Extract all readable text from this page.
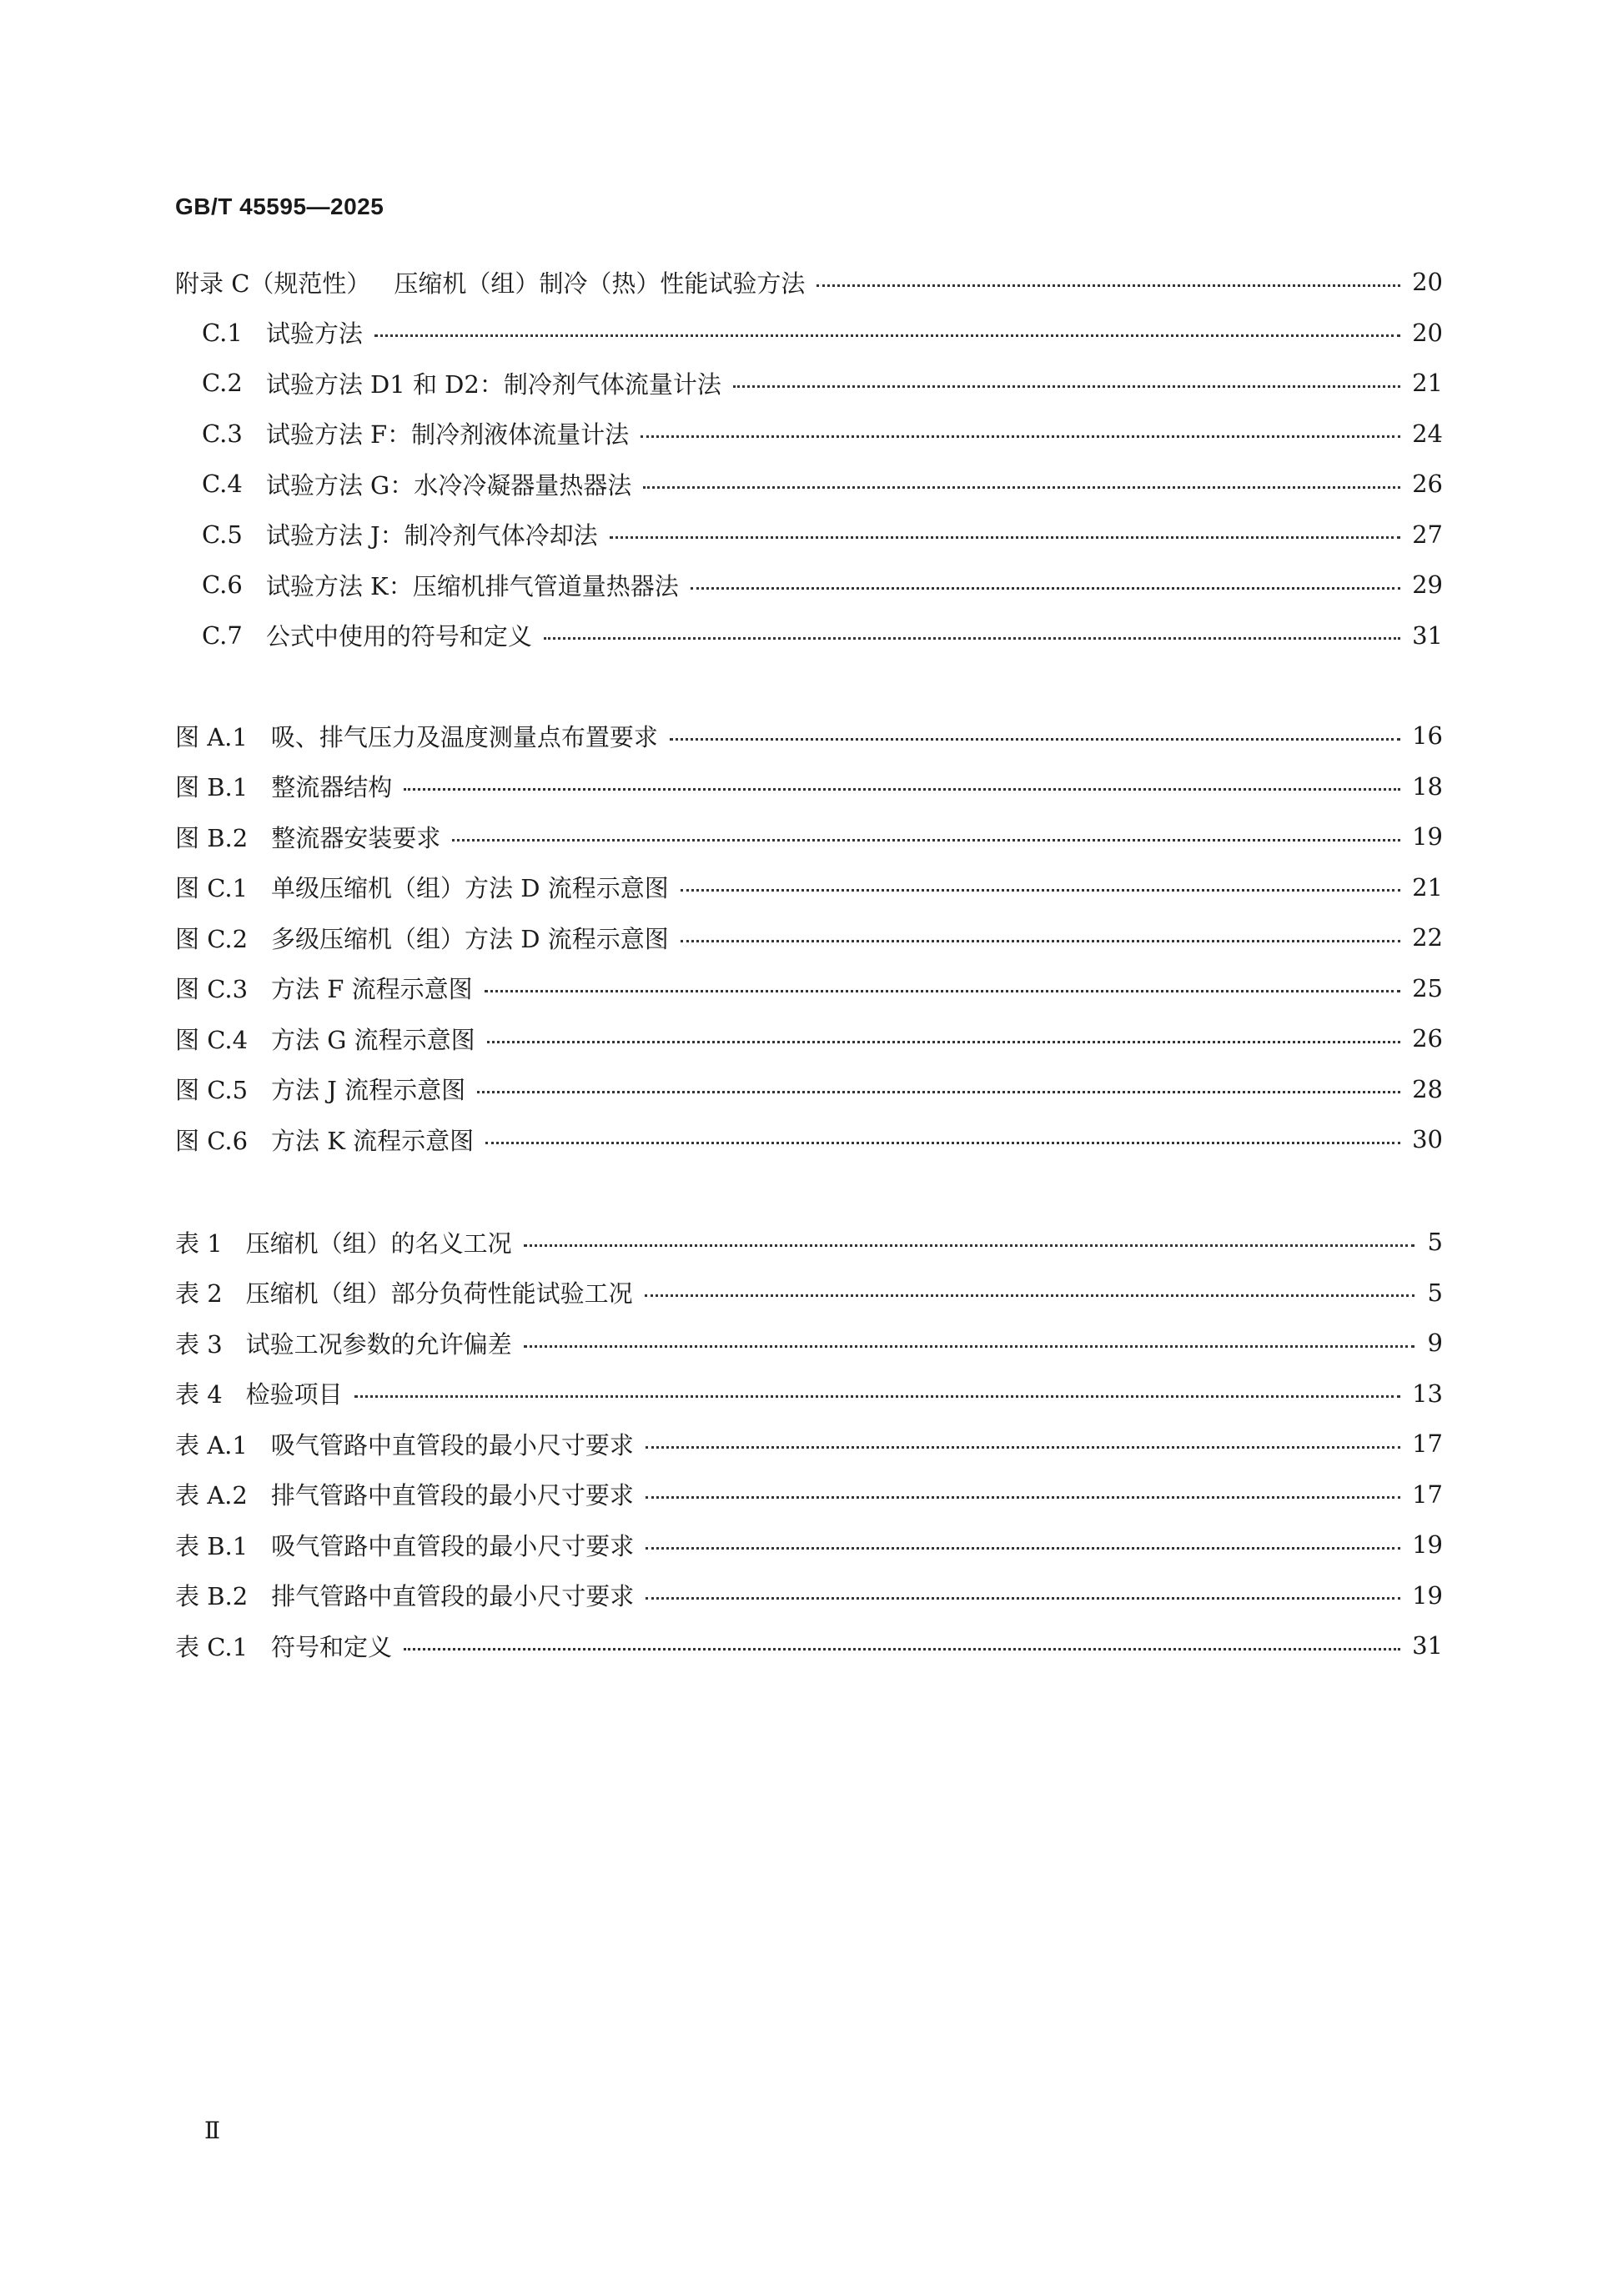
GB/T 45595—2025
附录 C（规范性） 压缩机（组）制冷（热）性能试验方法	20
C.1 试验方法	20
C.2 试验方法 D1 和 D2：制冷剂气体流量计法	21
C.3 试验方法 F：制冷剂液体流量计法	24
C.4 试验方法 G：水冷冷凝器量热器法	26
C.5 试验方法 J：制冷剂气体冷却法	27
C.6 试验方法 K：压缩机排气管道量热器法	29
C.7 公式中使用的符号和定义	31
图 A.1 吸、排气压力及温度测量点布置要求	16
图 B.1 整流器结构	18
图 B.2 整流器安装要求	19
图 C.1 单级压缩机（组）方法 D 流程示意图	21
图 C.2 多级压缩机（组）方法 D 流程示意图	22
图 C.3 方法 F 流程示意图	25
图 C.4 方法 G 流程示意图	26
图 C.5 方法 J 流程示意图	28
图 C.6 方法 K 流程示意图	30
表 1 压缩机（组）的名义工况	5
表 2 压缩机（组）部分负荷性能试验工况	5
表 3 试验工况参数的允许偏差	9
表 4 检验项目	13
表 A.1 吸气管路中直管段的最小尺寸要求	17
表 A.2 排气管路中直管段的最小尺寸要求	17
表 B.1 吸气管路中直管段的最小尺寸要求	19
表 B.2 排气管路中直管段的最小尺寸要求	19
表 C.1 符号和定义	31
Ⅱ
